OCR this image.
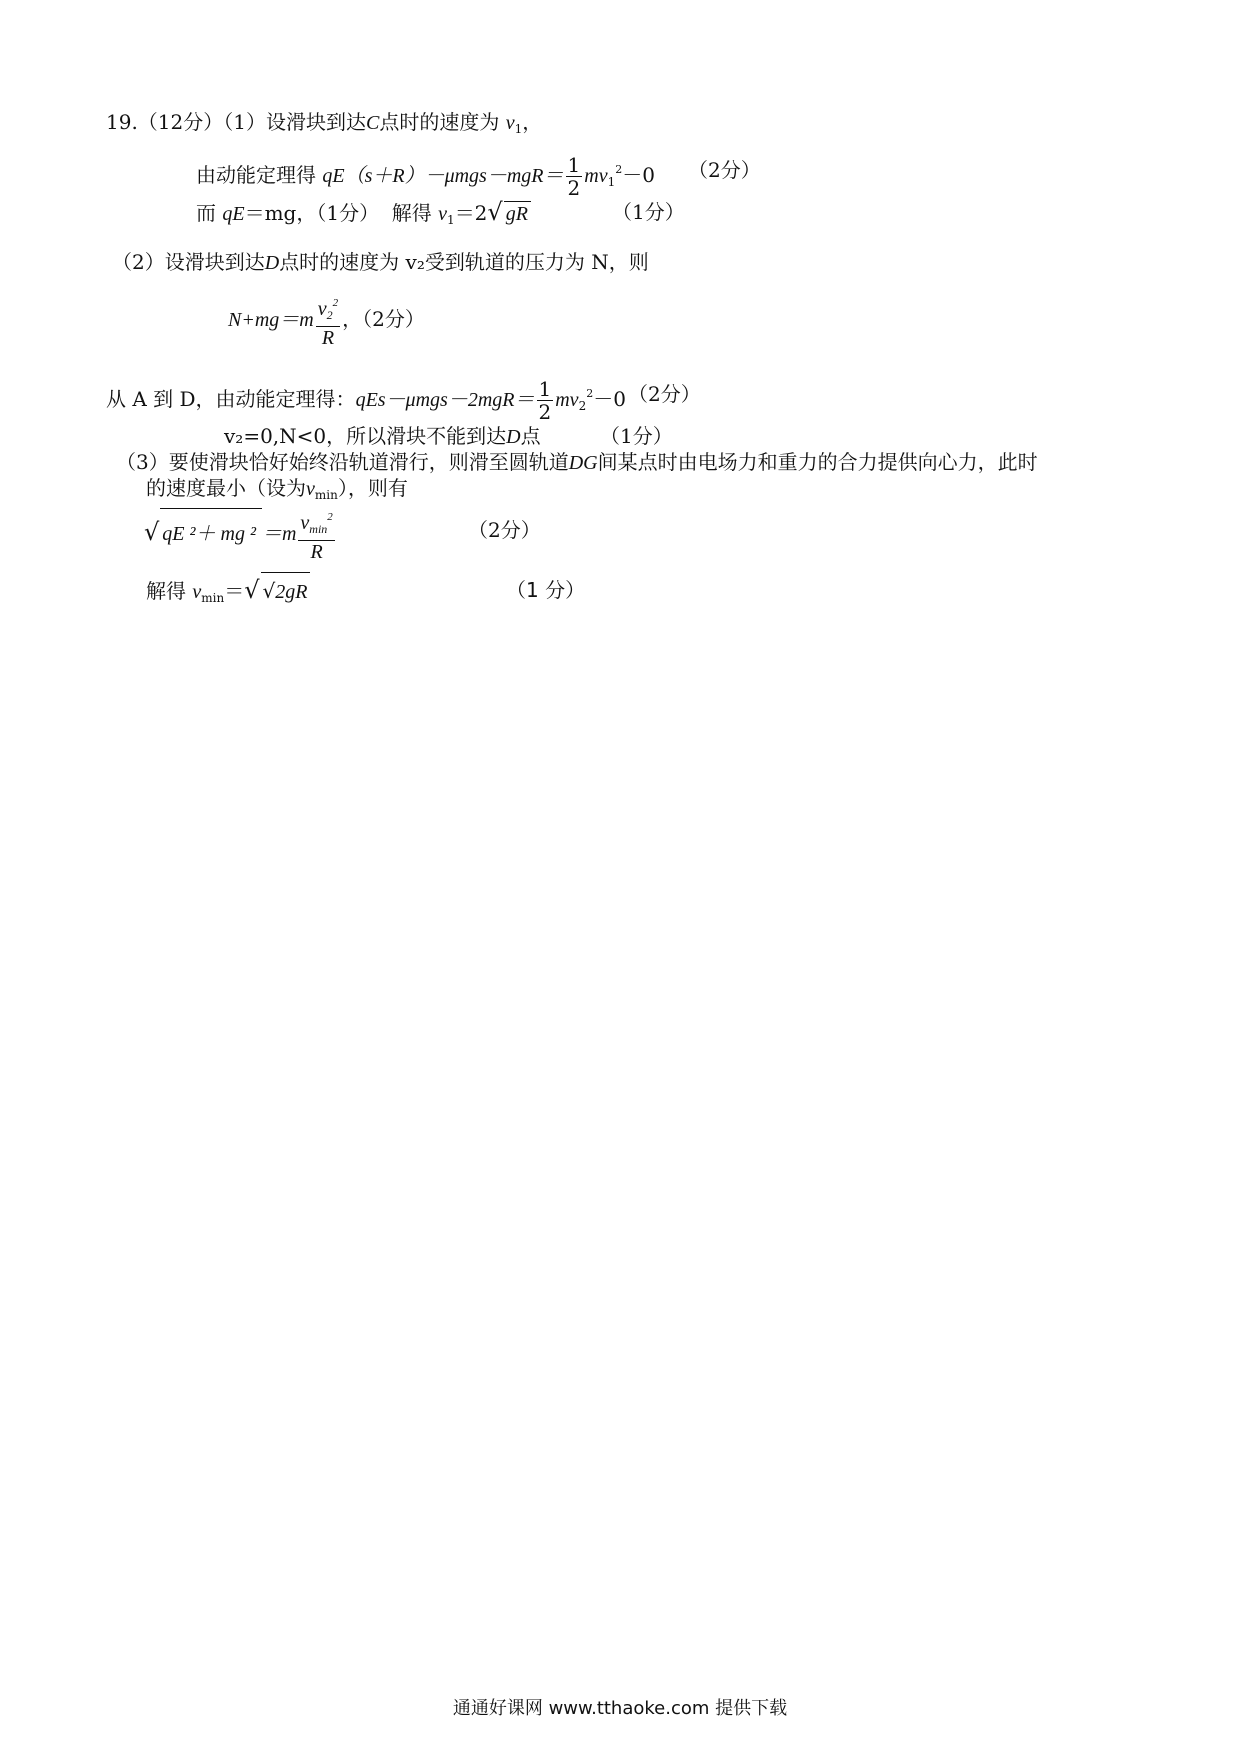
19.（12分）（1）设滑块到达C点时的速度为 $v_1$，
由动能定理得 $qE(s+R)-\mu mgs-mgR= \frac{1}{2} mv_1^2-0$ （2分）
而 qE＝mg，（1分） 解得 $v_1=2√$ gR	（1分）
（2）设滑块到达D点时的速度为 v₂受到轨道的压力为 N，则
$N+mg=m \frac{v_2^2}{R}$ ，（2分）
从 A 到 D，由动能定理得：$qEs-\mu mgs-2mgR= \frac{1}{2} mv_2^2-0$ （2分）
v₂=0,N<0，所以滑块不能到达D点	（1分）
（3）要使滑块恰好始终沿轨道滑行，则滑至圆轨道DG间某点时由电场力和重力的合力提供向心力，此时
的速度最小（设为$v_{min}$），则有
√ qE ²＋ mg $^2 =m \frac{v_{min}^2}{R}$	（2分）
解得 $v_{min}=√$ √2gR	（1 分）
通通好课网 www.tthaoke.com 提供下载
